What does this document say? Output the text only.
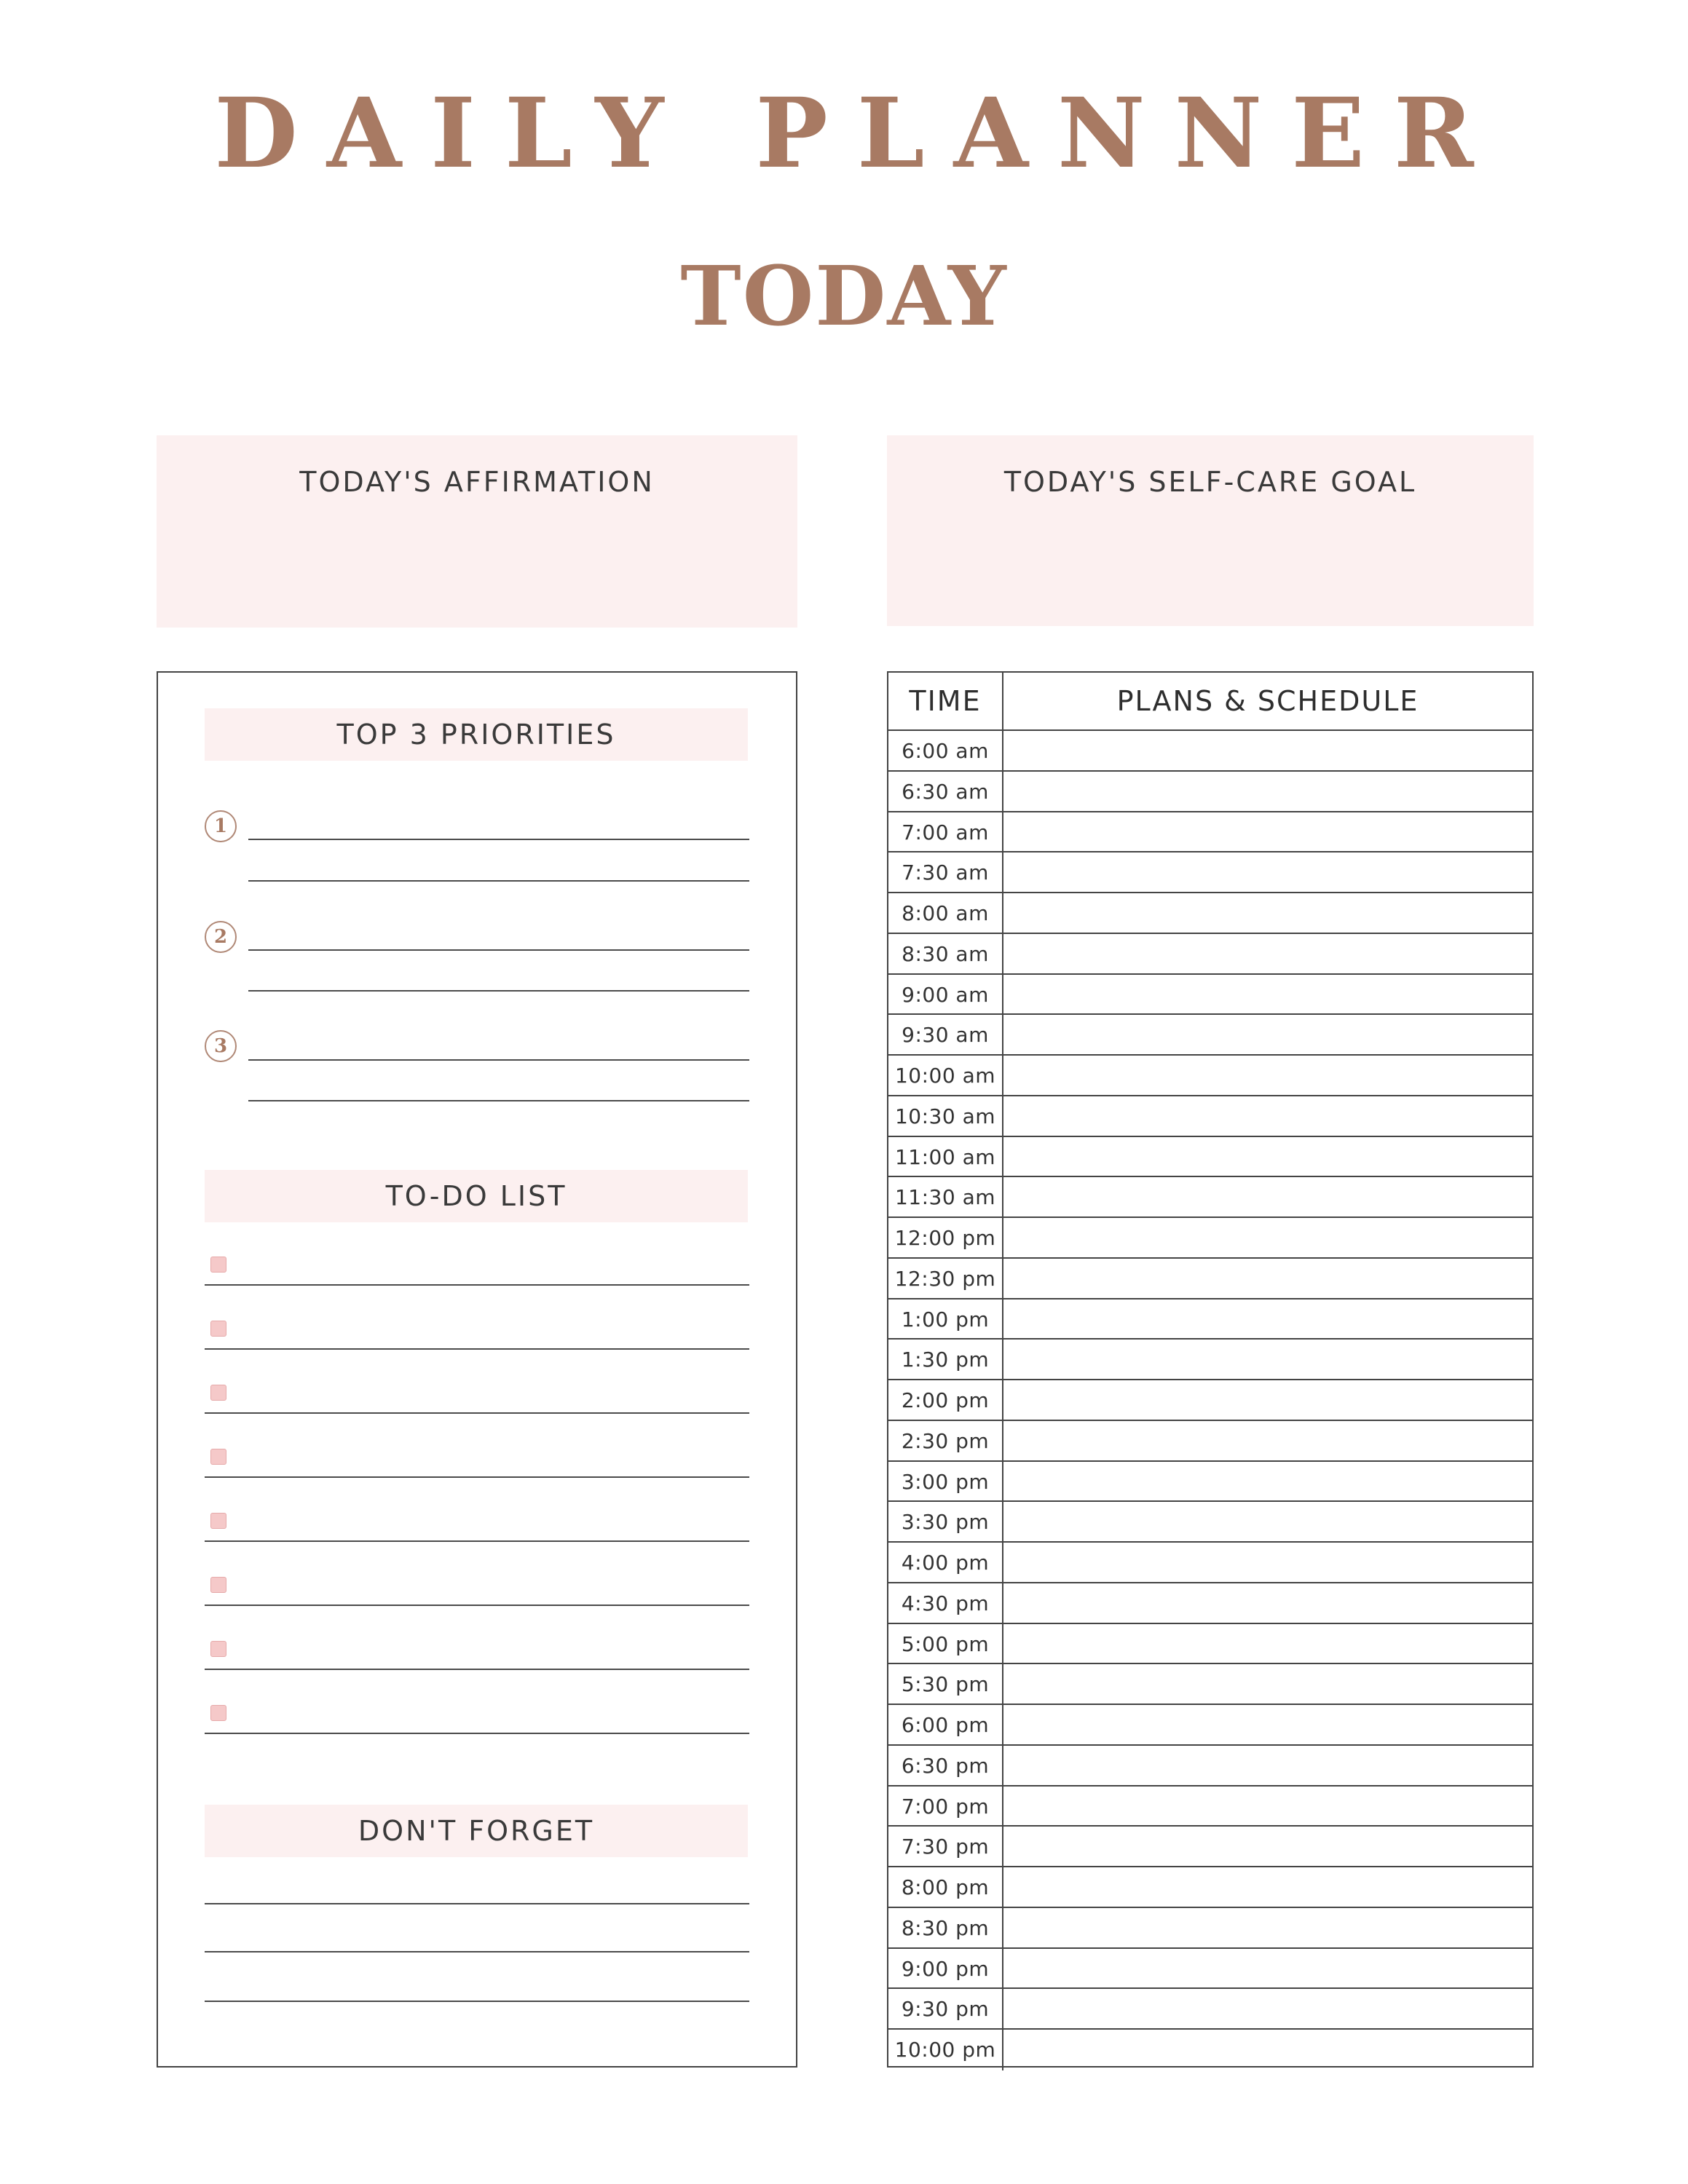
DAILY PLANNER
TODAY
TODAY'S AFFIRMATION	TODAY'S SELF-CARE GOAL
TOP 3 PRIORITIES
1
2
3
TO-DO LIST
DON'T FORGET
TIME	PLANS & SCHEDULE
6:00 am
6:30 am
7:00 am
7:30 am
8:00 am
8:30 am
9:00 am
9:30 am
10:00 am
10:30 am
11:00 am
11:30 am
12:00 pm
12:30 pm
1:00 pm
1:30 pm
2:00 pm
2:30 pm
3:00 pm
3:30 pm
4:00 pm
4:30 pm
5:00 pm
5:30 pm
6:00 pm
6:30 pm
7:00 pm
7:30 pm
8:00 pm
8:30 pm
9:00 pm
9:30 pm
10:00 pm
